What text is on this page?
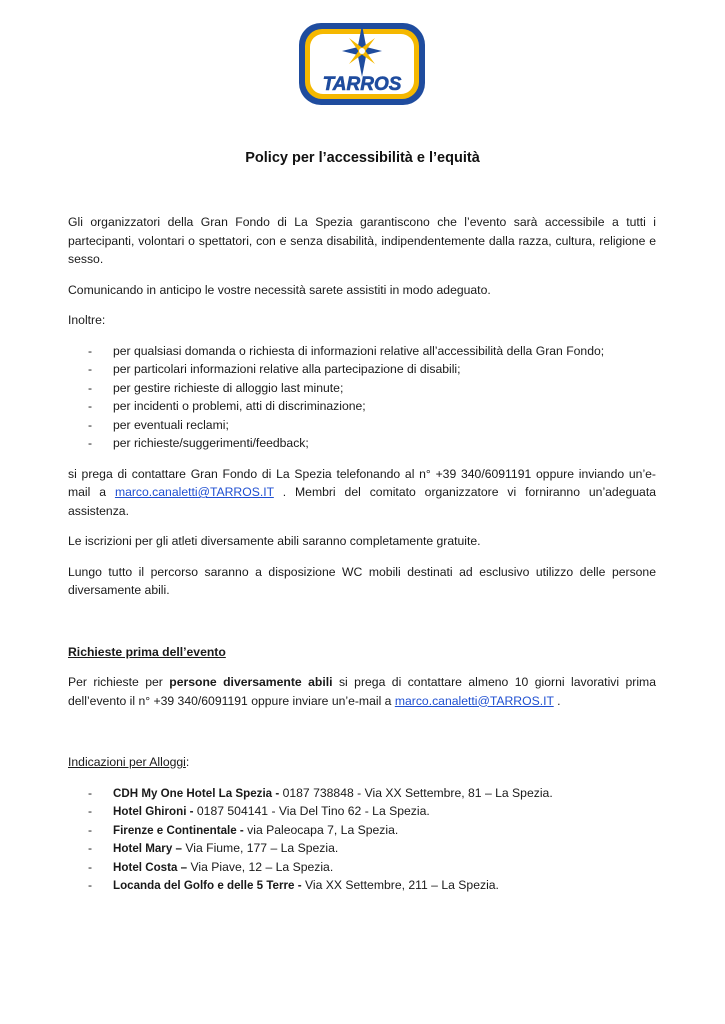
TARROS
Policy per l’accessibilità e l’equità

Gli organizzatori della Gran Fondo di La Spezia garantiscono che l’evento sarà accessibile a tutti i partecipanti, volontari o spettatori, con e senza disabilità, indipendentemente dalla razza, cultura, religione e sesso.

Comunicando in anticipo le vostre necessità sarete assistiti in modo adeguato.

Inoltre:

- per qualsiasi domanda o richiesta di informazioni relative all’accessibilità della Gran Fondo;
- per particolari informazioni relative alla partecipazione di disabili;
- per gestire richieste di alloggio last minute;
- per incidenti o problemi, atti di discriminazione;
- per eventuali reclami;
- per richieste/suggerimenti/feedback;

si prega di contattare Gran Fondo di La Spezia telefonando al n° +39 340/6091191 oppure inviando un’e-mail a marco.canaletti@TARROS.IT . Membri del comitato organizzatore vi forniranno un’adeguata assistenza.

Le iscrizioni per gli atleti diversamente abili saranno completamente gratuite.

Lungo tutto il percorso saranno a disposizione WC mobili destinati ad esclusivo utilizzo delle persone diversamente abili.

Richieste prima dell’evento

Per richieste per persone diversamente abili si prega di contattare almeno 10 giorni lavorativi prima dell’evento il n° +39 340/6091191 oppure inviare un’e-mail a marco.canaletti@TARROS.IT .

Indicazioni per Alloggi:

- CDH My One Hotel La Spezia - 0187 738848 - Via XX Settembre, 81 – La Spezia.
- Hotel Ghironi - 0187 504141 - Via Del Tino 62 - La Spezia.
- Firenze e Continentale - via Paleocapa 7, La Spezia.
- Hotel Mary – Via Fiume, 177 – La Spezia.
- Hotel Costa – Via Piave, 12 – La Spezia.
- Locanda del Golfo e delle 5 Terre - Via XX Settembre, 211 – La Spezia.
